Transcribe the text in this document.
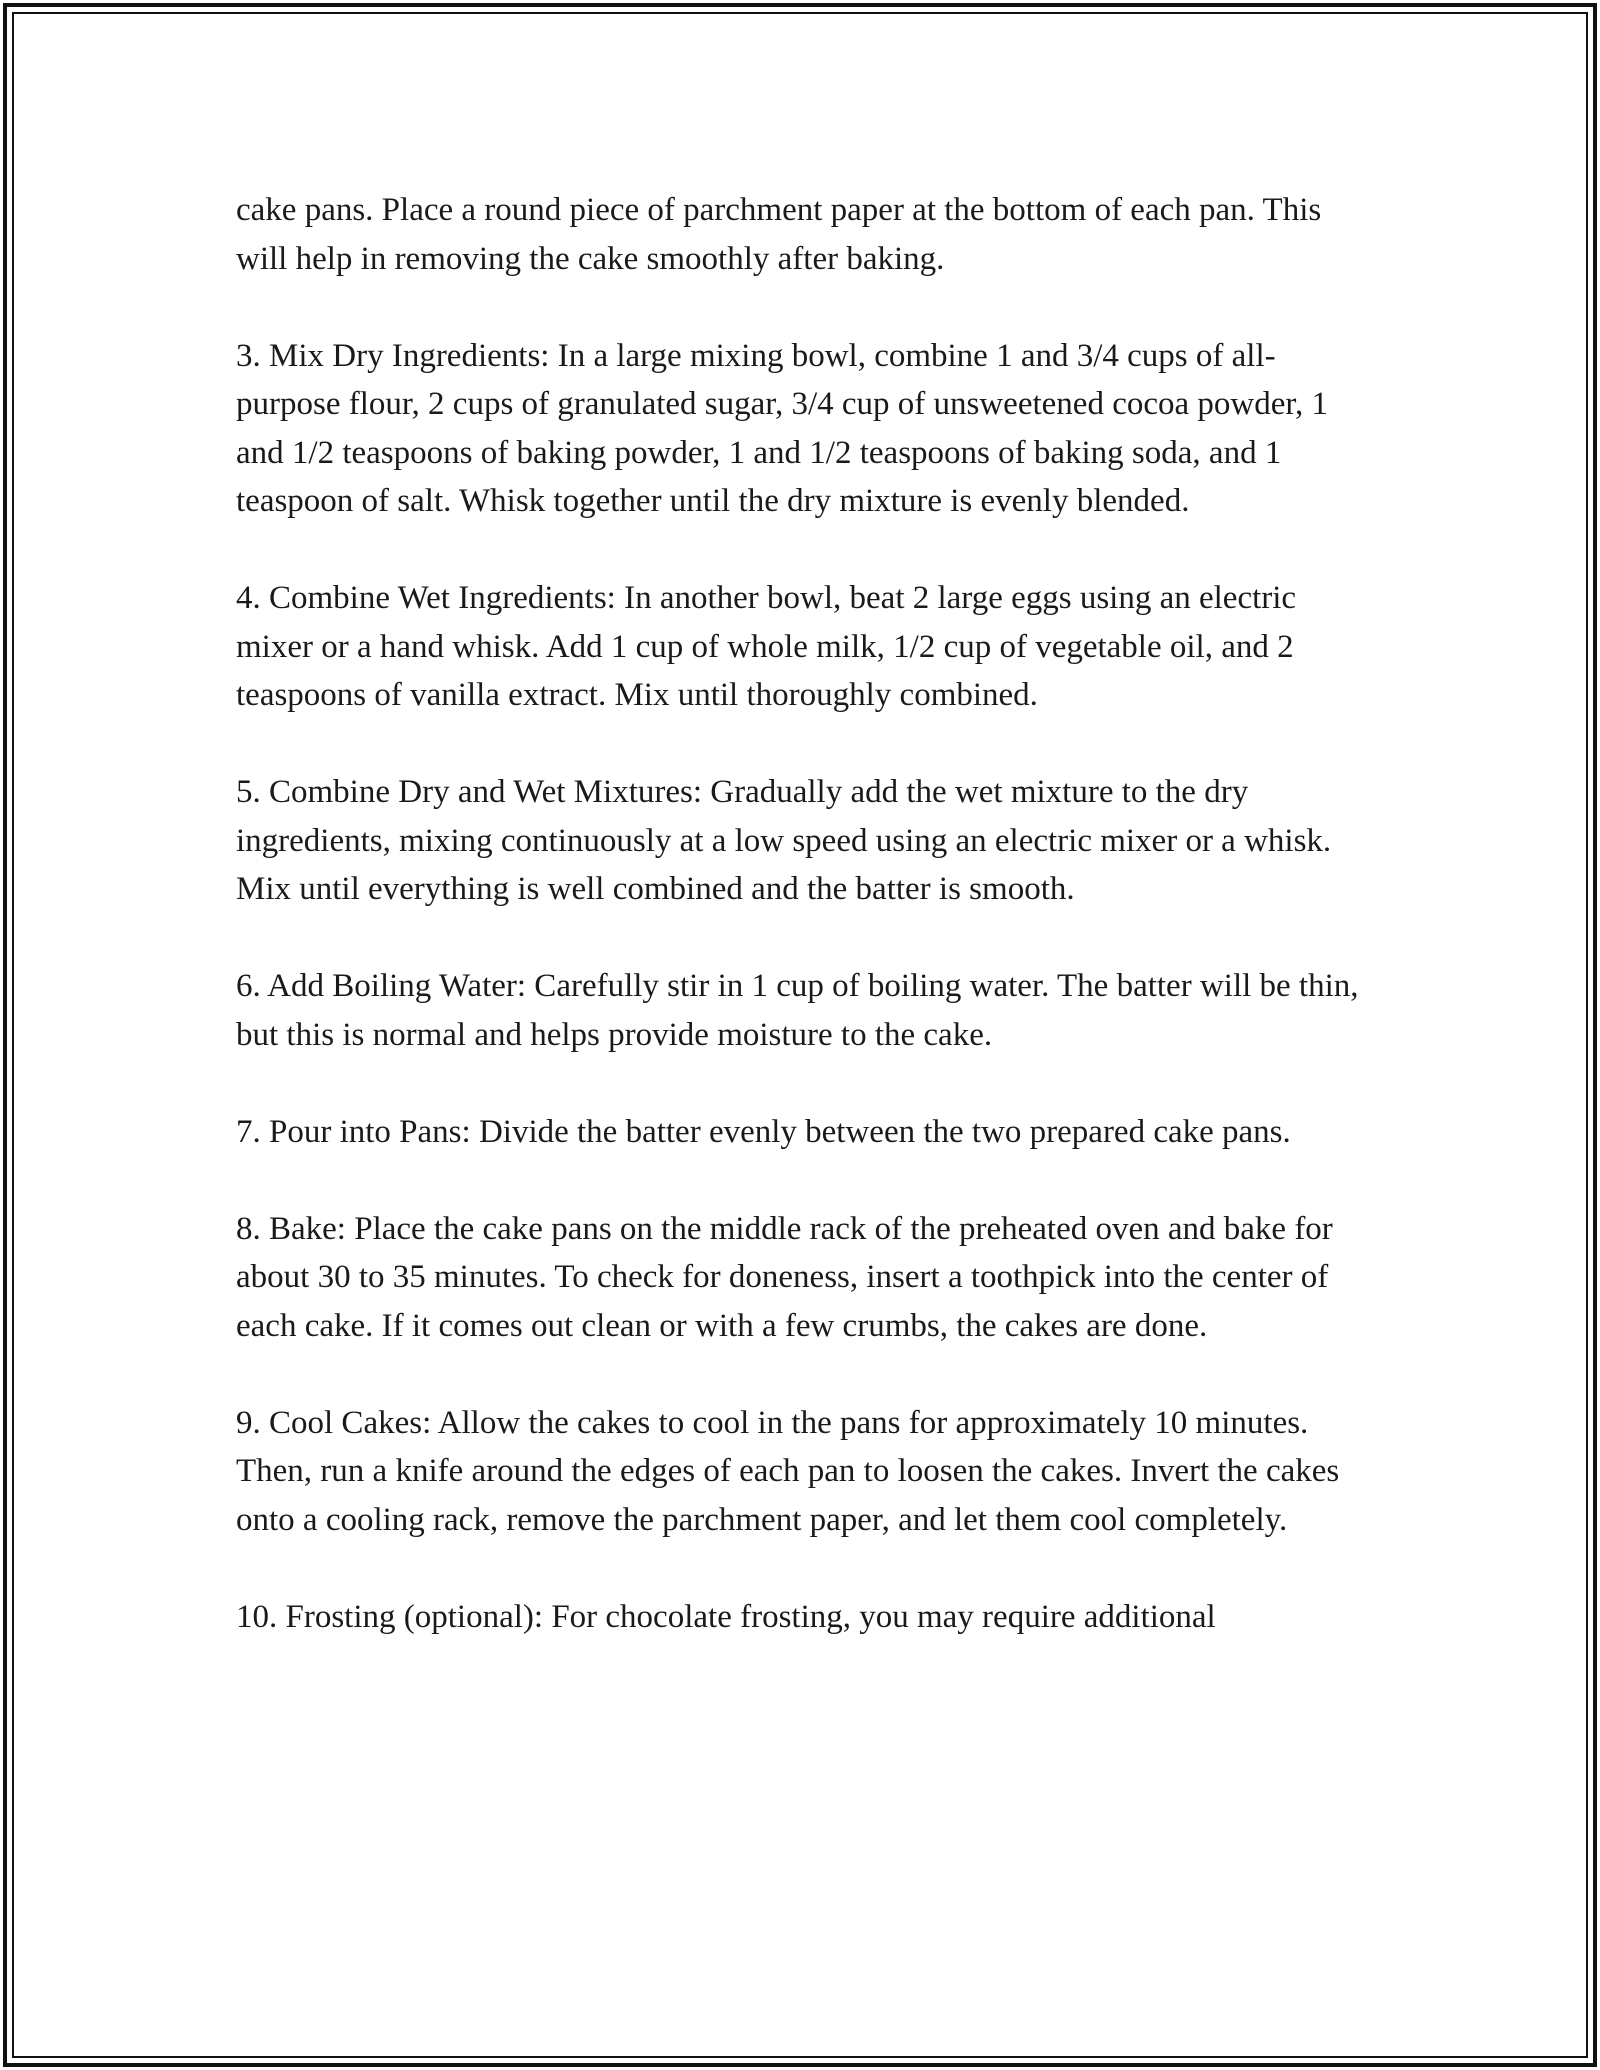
cake pans. Place a round piece of parchment paper at the bottom of each pan. This will help in removing the cake smoothly after baking.

3. Mix Dry Ingredients: In a large mixing bowl, combine 1 and 3/4 cups of all-purpose flour, 2 cups of granulated sugar, 3/4 cup of unsweetened cocoa powder, 1 and 1/2 teaspoons of baking powder, 1 and 1/2 teaspoons of baking soda, and 1 teaspoon of salt. Whisk together until the dry mixture is evenly blended.

4. Combine Wet Ingredients: In another bowl, beat 2 large eggs using an electric mixer or a hand whisk. Add 1 cup of whole milk, 1/2 cup of vegetable oil, and 2 teaspoons of vanilla extract. Mix until thoroughly combined.

5. Combine Dry and Wet Mixtures: Gradually add the wet mixture to the dry ingredients, mixing continuously at a low speed using an electric mixer or a whisk. Mix until everything is well combined and the batter is smooth.

6. Add Boiling Water: Carefully stir in 1 cup of boiling water. The batter will be thin, but this is normal and helps provide moisture to the cake.

7. Pour into Pans: Divide the batter evenly between the two prepared cake pans.

8. Bake: Place the cake pans on the middle rack of the preheated oven and bake for about 30 to 35 minutes. To check for doneness, insert a toothpick into the center of each cake. If it comes out clean or with a few crumbs, the cakes are done.

9. Cool Cakes: Allow the cakes to cool in the pans for approximately 10 minutes. Then, run a knife around the edges of each pan to loosen the cakes. Invert the cakes onto a cooling rack, remove the parchment paper, and let them cool completely.

10. Frosting (optional): For chocolate frosting, you may require additional
